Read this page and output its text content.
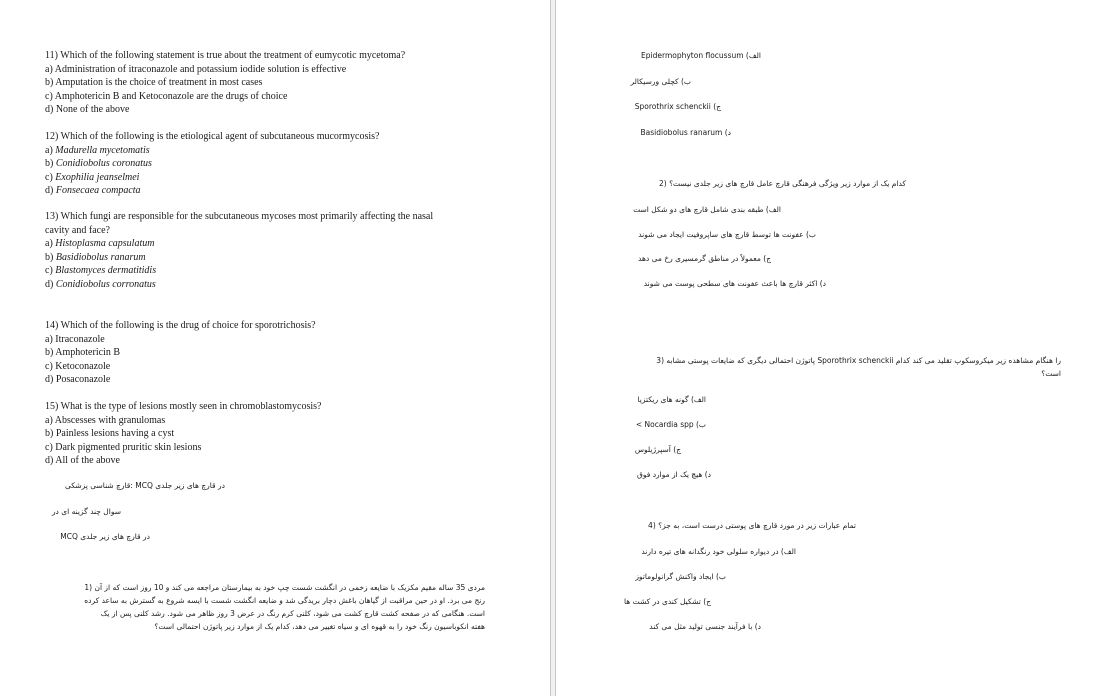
11) Which of the following statement is true about the treatment of eumycotic mycetoma?
a) Administration of itraconazole and potassium iodide solution is effective
b) Amputation is the choice of treatment in most cases
c) Amphotericin B and Ketoconazole are the drugs of choice
d) None of the above
12) Which of the following is the etiological agent of subcutaneous mucormycosis?
a) Madurella mycetomatis
b) Conidiobolus coronatus
c) Exophilia jeanselmei
d) Fonsecaea compacta
13) Which fungi are responsible for the subcutaneous mycoses most primarily affecting the nasal
cavity and face?
a) Histoplasma capsulatum
b) Basidiobolus ranarum
c) Blastomyces dermatitidis
d) Conidiobolus corronatus
14) Which of the following is the drug of choice for sporotrichosis?
a) Itraconazole
b) Amphotericin B
c) Ketoconazole
d) Posaconazole
15) What is the type of lesions mostly seen in chromoblastomycosis?
a) Abscesses with granulomas
b) Painless lesions having a cyst
c) Dark pigmented pruritic skin lesions
d) All of the above
در قارچ های زیر جلدی MCQ :قارچ شناسی پزشکی
سوال چند گزینه ای در
در قارچ های زیر جلدی MCQ
مردی 35 ساله مقیم مکزیک با ضایعه زخمی در انگشت شست چپ خود به بیمارستان مراجعه می کند و 10 روز است که از آن (1
رنج می برد. او در حین مراقبت از گیاهان باغش دچار بریدگی شد و ضایعه انگشت شست با ایسه شروع به گسترش به ساعد کرده
است. هنگامی که در صفحه کشت قارچ کشت می شود، کلنی کرم رنگ در عرض 3 روز ظاهر می شود. رشد کلنی پس از یک
هفته انکوباسیون رنگ خود را به قهوه ای و سیاه تغییر می دهد، کدام یک از موارد زیر پاتوژن احتمالی است؟
الف) Epidermophyton flocussum
ب) کچلی ورسیکالر
ج) Sporothrix schenckii
د) Basidiobolus ranarum
کدام یک از موارد زیر ویژگی فرهنگی قارچ عامل قارچ های زیر جلدی نیست؟ (2
الف) طبقه بندی شامل قارچ های دو شکل است
ب) عفونت ها توسط قارچ های ساپروفیت ایجاد می شوند
ج) معمولاً در مناطق گرمسیری رخ می دهد
د) اکثر قارچ ها باعث عفونت های سطحی پوست می شوند
را هنگام مشاهده زیر میکروسکوپ تقلید می کند کدام Sporothrix schenckii پاتوژن احتمالی دیگری که ضایعات پوستی مشابه (3
است؟
الف) گونه های ریکتزیا
ب) Nocardia spp >
ج) آسپرژیلوس
د) هیچ یک از موارد فوق
تمام عبارات زیر در مورد قارچ های پوستی درست است، به جز؟ (4
الف) در دیواره سلولی خود رنگدانه های تیره دارند
ب) ایجاد واکنش گرانولوماتوز
ج) تشکیل کندی در کشت ها
د) با فرآیند جنسی تولید مثل می کند
